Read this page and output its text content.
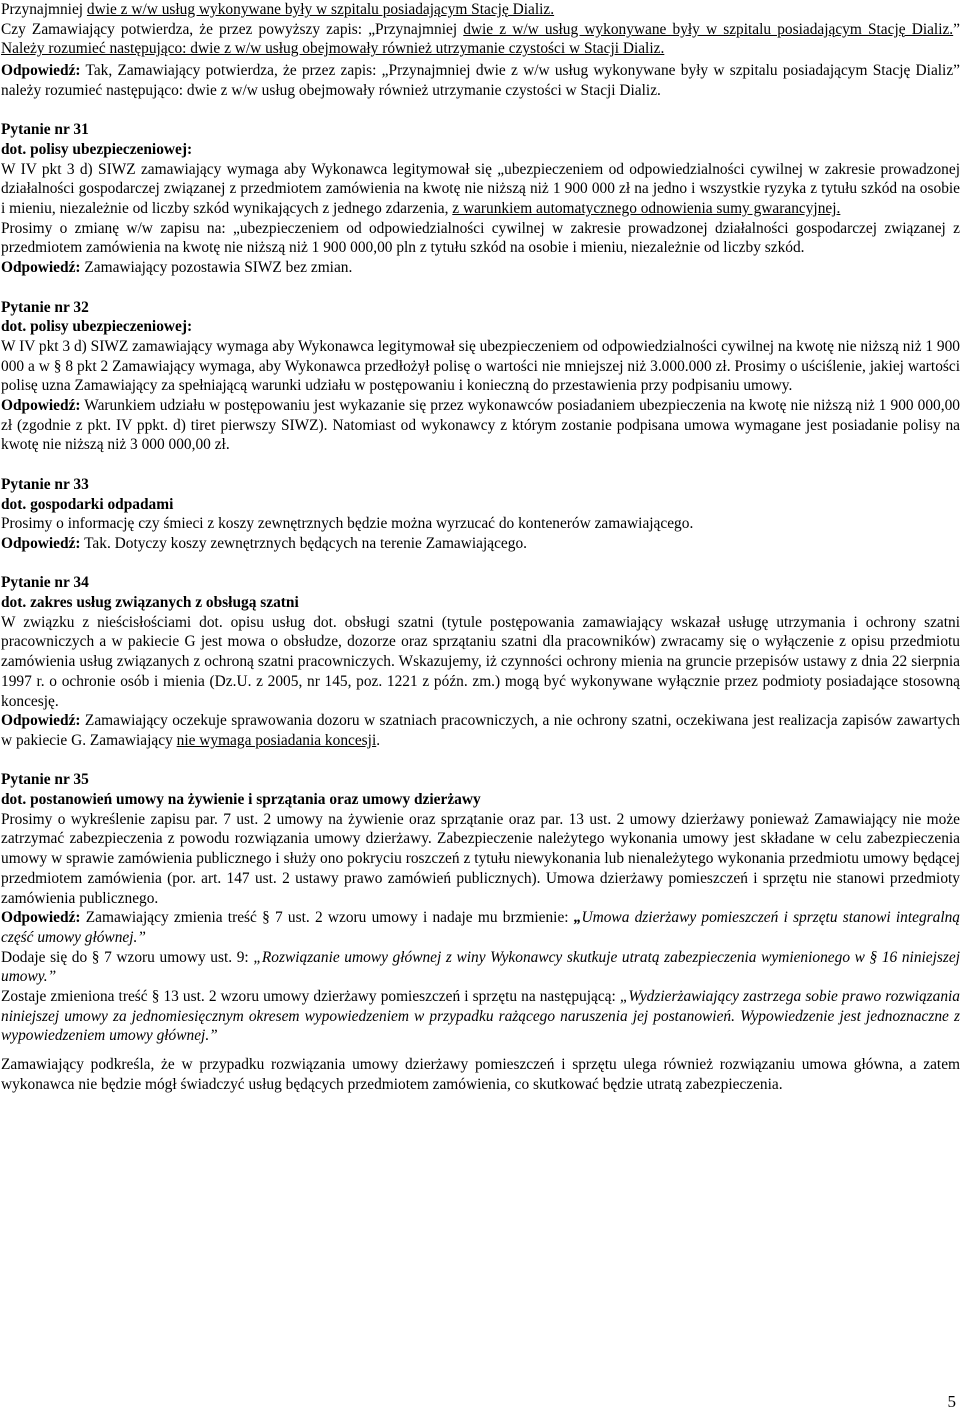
Przynajmniej dwie z w/w usług wykonywane były w szpitalu posiadającym Stację Dializ.

Czy Zamawiający potwierdza, że przez powyższy zapis: „Przynajmniej dwie z w/w usług wykonywane były w szpitalu posiadającym Stację Dializ.” Należy rozumieć następująco: dwie z w/w usług obejmowały również utrzymanie czystości w Stacji Dializ.

Odpowiedź: Tak, Zamawiający potwierdza, że przez zapis: „Przynajmniej dwie z w/w usług wykonywane były w szpitalu posiadającym Stację Dializ” należy rozumieć następująco: dwie z w/w usług obejmowały również utrzymanie czystości w Stacji Dializ.

Pytanie nr 31

dot. polisy ubezpieczeniowej:

W IV pkt 3 d) SIWZ zamawiający wymaga aby Wykonawca legitymował się „ubezpieczeniem od odpowiedzialności cywilnej w zakresie prowadzonej działalności gospodarczej związanej z przedmiotem zamówienia na kwotę nie niższą niż 1 900 000 zł na jedno i wszystkie ryzyka z tytułu szkód na osobie i mieniu, niezależnie od liczby szkód wynikających z jednego zdarzenia, z warunkiem automatycznego odnowienia sumy gwarancyjnej.

Prosimy o zmianę w/w zapisu na: „ubezpieczeniem od odpowiedzialności cywilnej w zakresie prowadzonej działalności gospodarczej związanej z przedmiotem zamówienia na kwotę nie niższą niż 1 900 000,00 pln z tytułu szkód na osobie i mieniu, niezależnie od liczby szkód.

Odpowiedź: Zamawiający pozostawia SIWZ bez zmian.

Pytanie nr 32

dot. polisy ubezpieczeniowej:

W IV pkt 3 d) SIWZ zamawiający wymaga aby Wykonawca legitymował się ubezpieczeniem od odpowiedzialności cywilnej na kwotę nie niższą niż 1 900 000 a w § 8 pkt 2 Zamawiający wymaga, aby Wykonawca przedłożył polisę o wartości nie mniejszej niż 3.000.000 zł. Prosimy o uściślenie, jakiej wartości polisę uzna Zamawiający za spełniającą warunki udziału w postępowaniu i konieczną do przestawienia przy podpisaniu umowy.

Odpowiedź: Warunkiem udziału w postępowaniu jest wykazanie się przez wykonawców posiadaniem ubezpieczenia na kwotę nie niższą niż 1 900 000,00 zł (zgodnie z pkt. IV ppkt. d) tiret pierwszy SIWZ). Natomiast od wykonawcy z którym zostanie podpisana umowa wymagane jest posiadanie polisy na kwotę nie niższą niż 3 000 000,00 zł.

Pytanie nr 33

dot. gospodarki odpadami

Prosimy o informację czy śmieci z koszy zewnętrznych będzie można wyrzucać do kontenerów zamawiającego.

Odpowiedź: Tak. Dotyczy koszy zewnętrznych będących na terenie Zamawiającego.

Pytanie nr 34

dot. zakres usług związanych z obsługą szatni

W związku z nieścisłościami dot. opisu usług dot. obsługi szatni (tytule postępowania zamawiający wskazał usługę utrzymania i ochrony szatni pracowniczych a w pakiecie G jest mowa o obsłudze, dozorze oraz sprzątaniu szatni dla pracowników) zwracamy się o wyłączenie z opisu przedmiotu zamówienia usług związanych z ochroną szatni pracowniczych. Wskazujemy, iż czynności ochrony mienia na gruncie przepisów ustawy z dnia 22 sierpnia 1997 r. o ochronie osób i mienia (Dz.U. z 2005, nr 145, poz. 1221 z późn. zm.) mogą być wykonywane wyłącznie przez podmioty posiadające stosowną koncesję.

Odpowiedź: Zamawiający oczekuje sprawowania dozoru w szatniach pracowniczych, a nie ochrony szatni, oczekiwana jest realizacja zapisów zawartych w pakiecie G. Zamawiający nie wymaga posiadania koncesji.

Pytanie nr 35

dot. postanowień umowy na żywienie i sprzątania oraz umowy dzierżawy

Prosimy o wykreślenie zapisu par. 7 ust. 2 umowy na żywienie oraz sprzątanie oraz par. 13 ust. 2 umowy dzierżawy ponieważ Zamawiający nie może zatrzymać zabezpieczenia z powodu rozwiązania umowy dzierżawy. Zabezpieczenie należytego wykonania umowy jest składane w celu zabezpieczenia umowy w sprawie zamówienia publicznego i służy ono pokryciu roszczeń z tytułu niewykonania lub nienależytego wykonania przedmiotu umowy będącej przedmiotem zamówienia (por. art. 147 ust. 2 ustawy prawo zamówień publicznych). Umowa dzierżawy pomieszczeń i sprzętu nie stanowi przedmioty zamówienia publicznego.

Odpowiedź: Zamawiający zmienia treść § 7 ust. 2 wzoru umowy i nadaje mu brzmienie: „Umowa dzierżawy pomieszczeń i sprzętu stanowi integralną część umowy głównej.”

Dodaje się do § 7 wzoru umowy ust. 9: „Rozwiązanie umowy głównej z winy Wykonawcy skutkuje utratą zabezpieczenia wymienionego w § 16 niniejszej umowy.”

Zostaje zmieniona treść § 13 ust. 2 wzoru umowy dzierżawy pomieszczeń i sprzętu na następującą: „Wydzierżawiający zastrzega sobie prawo rozwiązania niniejszej umowy za jednomiesięcznym okresem wypowiedzeniem w przypadku rażącego naruszenia jej postanowień. Wypowiedzenie jest jednoznaczne z wypowiedzeniem umowy głównej.”

Zamawiający podkreśla, że w przypadku rozwiązania umowy dzierżawy pomieszczeń i sprzętu ulega również rozwiązaniu umowa główna, a zatem wykonawca nie będzie mógł świadczyć usług będących przedmiotem zamówienia, co skutkować będzie utratą zabezpieczenia.

5
